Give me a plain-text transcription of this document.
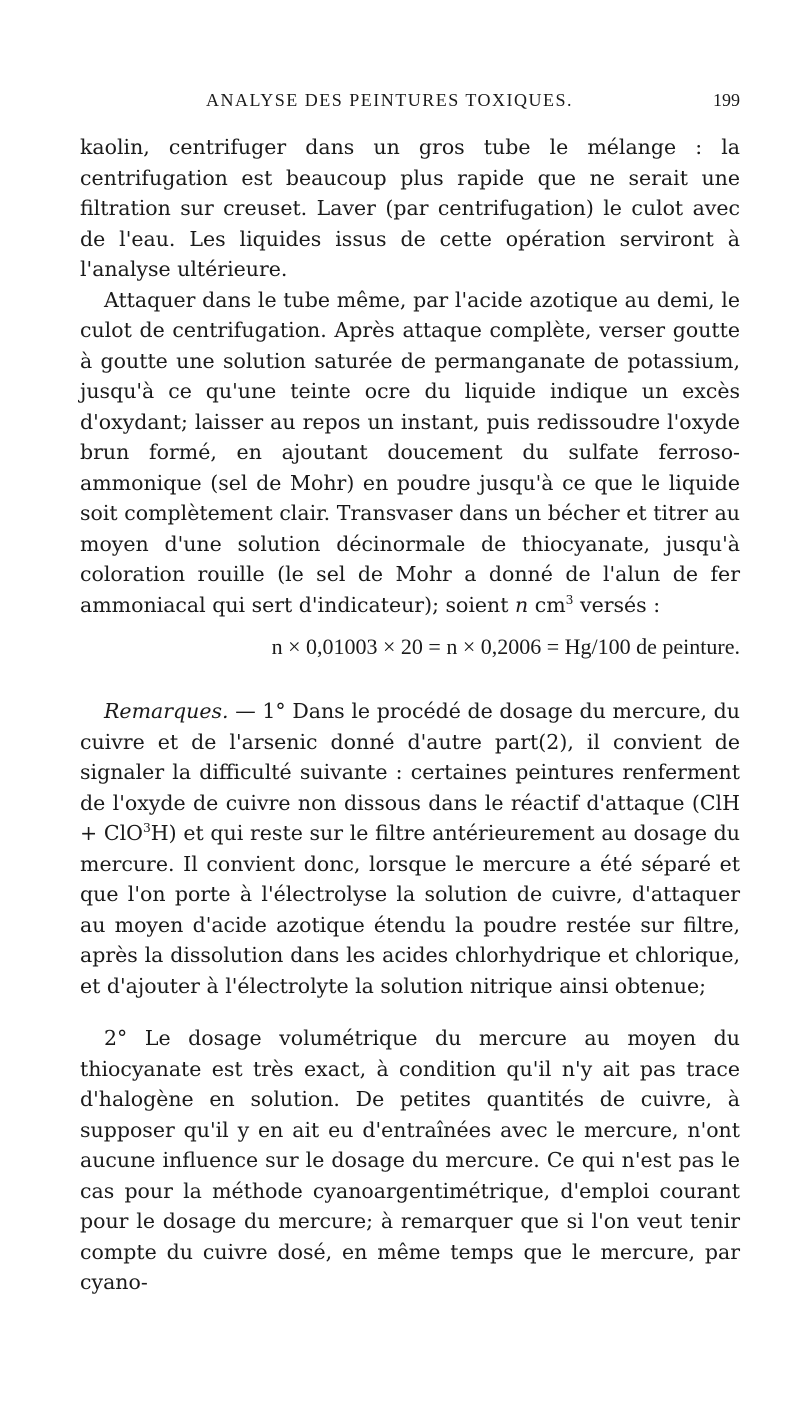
ANALYSE DES PEINTURES TOXIQUES.	199

kaolin, centrifuger dans un gros tube le mélange : la centrifugation est beaucoup plus rapide que ne serait une filtration sur creuset. Laver (par centrifugation) le culot avec de l'eau. Les liquides issus de cette opération serviront à l'analyse ultérieure.

Attaquer dans le tube même, par l'acide azotique au demi, le culot de centrifugation. Après attaque complète, verser goutte à goutte une solution saturée de permanganate de potassium, jusqu'à ce qu'une teinte ocre du liquide indique un excès d'oxydant; laisser au repos un instant, puis redissoudre l'oxyde brun formé, en ajoutant doucement du sulfate ferroso-ammonique (sel de Mohr) en poudre jusqu'à ce que le liquide soit complètement clair. Transvaser dans un bécher et titrer au moyen d'une solution décinormale de thiocyanate, jusqu'à coloration rouille (le sel de Mohr a donné de l'alun de fer ammoniacal qui sert d'indicateur); soient n $cm^3$ versés :

n × 0,01003 × 20 = n × 0,2006 = Hg/100 de peinture.

Remarques. — 1° Dans le procédé de dosage du mercure, du cuivre et de l'arsenic donné d'autre part(2), il convient de signaler la difficulté suivante : certaines peintures renferment de l'oxyde de cuivre non dissous dans le réactif d'attaque (ClH + ClO$^3$H) et qui reste sur le filtre antérieurement au dosage du mercure. Il convient donc, lorsque le mercure a été séparé et que l'on porte à l'électrolyse la solution de cuivre, d'attaquer au moyen d'acide azotique étendu la poudre restée sur filtre, après la dissolution dans les acides chlorhydrique et chlorique, et d'ajouter à l'électrolyte la solution nitrique ainsi obtenue;

2° Le dosage volumétrique du mercure au moyen du thiocyanate est très exact, à condition qu'il n'y ait pas trace d'halogène en solution. De petites quantités de cuivre, à supposer qu'il y en ait eu d'entraînées avec le mercure, n'ont aucune influence sur le dosage du mercure. Ce qui n'est pas le cas pour la méthode cyanoargentimétrique, d'emploi courant pour le dosage du mercure; à remarquer que si l'on veut tenir compte du cuivre dosé, en même temps que le mercure, par cyano-
